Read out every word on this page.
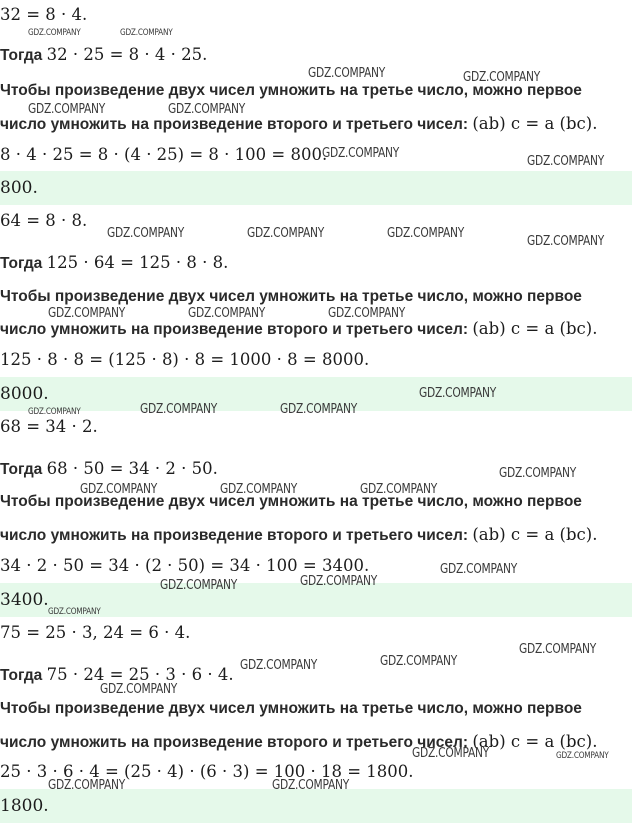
32 = 8 · 4.
Тогда 32 · 25 = 8 · 4 · 25.
Чтобы произведение двух чисел умножить на третье число, можно первое
число умножить на произведение второго и третьего чисел: (ab) c = a (bc).
8 · 4 · 25 = 8 · (4 · 25) = 8 · 100 = 800.
800.
64 = 8 · 8.
Тогда 125 · 64 = 125 · 8 · 8.
Чтобы произведение двух чисел умножить на третье число, можно первое
число умножить на произведение второго и третьего чисел: (ab) c = a (bc).
125 · 8 · 8 = (125 · 8) · 8 = 1000 · 8 = 8000.
8000.
68 = 34 · 2.
Тогда 68 · 50 = 34 · 2 · 50.
Чтобы произведение двух чисел умножить на третье число, можно первое
число умножить на произведение второго и третьего чисел: (ab) c = a (bc).
34 · 2 · 50 = 34 · (2 · 50) = 34 · 100 = 3400.
3400.
75 = 25 · 3, 24 = 6 · 4.
Тогда 75 · 24 = 25 · 3 · 6 · 4.
Чтобы произведение двух чисел умножить на третье число, можно первое
число умножить на произведение второго и третьего чисел: (ab) c = a (bc).
25 · 3 · 6 · 4 = (25 · 4) · (6 · 3) = 100 · 18 = 1800.
1800.
GDZ.COMPANY	GDZ.COMPANY
GDZ.COMPANY	GDZ.COMPANY
GDZ.COMPANY	GDZ.COMPANY
GDZ.COMPANY
GDZ.COMPANY
GDZ.COMPANY	GDZ.COMPANY	GDZ.COMPANY
GDZ.COMPANY
GDZ.COMPANY	GDZ.COMPANY	GDZ.COMPANY
GDZ.COMPANY
GDZ.COMPANY	GDZ.COMPANY	GDZ.COMPANY
GDZ.COMPANY
GDZ.COMPANY	GDZ.COMPANY	GDZ.COMPANY
GDZ.COMPANY
GDZ.COMPANY
GDZ.COMPANY
GDZ.COMPANY
GDZ.COMPANY
GDZ.COMPANY
GDZ.COMPANY
GDZ.COMPANY
GDZ.COMPANY	GDZ.COMPANY
GDZ.COMPANY	GDZ.COMPANY
